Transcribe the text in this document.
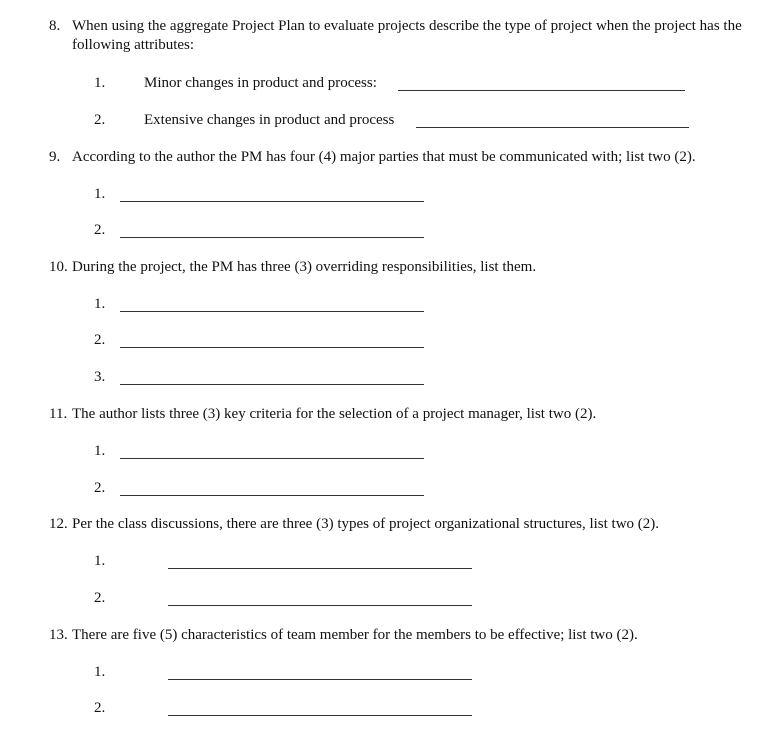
8. When using the aggregate Project Plan to evaluate projects describe the type of project when the project has the following attributes:
1.	Minor changes in product and process:
2.	Extensive changes in product and process
9. According to the author the PM has four (4) major parties that must be communicated with; list two (2).
1.
2.
10. During the project, the PM has three (3) overriding responsibilities, list them.
1.
2.
3.
11. The author lists three (3) key criteria for the selection of a project manager, list two (2).
1.
2.
12. Per the class discussions, there are three (3) types of project organizational structures, list two (2).
1.
2.
13. There are five (5) characteristics of team member for the members to be effective; list two (2).
1.
2.
